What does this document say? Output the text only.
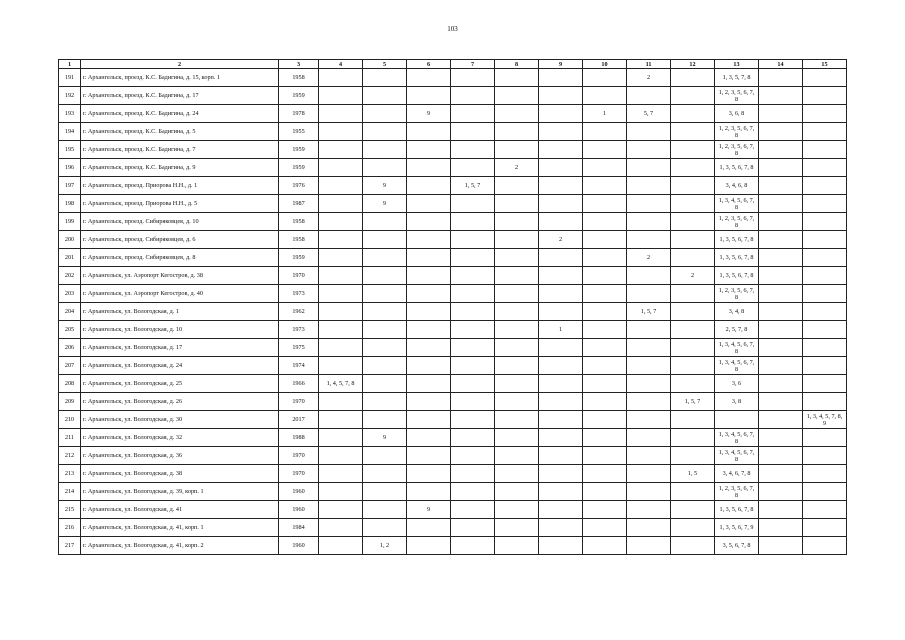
103
1	2	3	4	5	6	7	8	9	10	11	12	13	14	15
191	г. Архангельск, проезд. К.С. Бадигина, д. 15, корп. 1	1958								2		1, 3, 5, 7, 8		
192	г. Архангельск, проезд. К.С. Бадигина, д. 17	1959										1, 2, 3, 5, 6, 7, 8		
193	г. Архангельск, проезд. К.С. Бадигина, д. 24	1978			9				1	5, 7		3, 6, 8		
194	г. Архангельск, проезд. К.С. Бадигина, д. 5	1955										1, 2, 3, 5, 6, 7, 8		
195	г. Архангельск, проезд. К.С. Бадигина, д. 7	1959										1, 2, 3, 5, 6, 7, 8		
196	г. Архангельск, проезд. К.С. Бадигина, д. 9	1959					2					1, 3, 5, 6, 7, 8		
197	г. Архангельск, проезд. Приорова Н.Н., д. 1	1976		9		1, 5, 7						3, 4, 6, 8		
198	г. Архангельск, проезд. Приорова Н.Н., д. 5	1987		9								1, 3, 4, 5, 6, 7, 8		
199	г. Архангельск, проезд. Сибиряковцев, д. 10	1958										1, 2, 3, 5, 6, 7, 8		
200	г. Архангельск, проезд. Сибиряковцев, д. 6	1958						2				1, 3, 5, 6, 7, 8		
201	г. Архангельск, проезд. Сибиряковцев, д. 8	1959								2		1, 3, 5, 6, 7, 8		
202	г. Архангельск, ул. Аэропорт Кегостров, д. 38	1970									2	1, 3, 5, 6, 7, 8		
203	г. Архангельск, ул. Аэропорт Кегостров, д. 40	1973										1, 2, 3, 5, 6, 7, 8		
204	г. Архангельск, ул. Вологодская, д. 1	1962								1, 5, 7		3, 4, 8		
205	г. Архангельск, ул. Вологодская, д. 10	1973						1				2, 5, 7, 8		
206	г. Архангельск, ул. Вологодская, д. 17	1975										1, 3, 4, 5, 6, 7, 8		
207	г. Архангельск, ул. Вологодская, д. 24	1974										1, 3, 4, 5, 6, 7, 8		
208	г. Архангельск, ул. Вологодская, д. 25	1966	1, 4, 5, 7, 8									3, 6		
209	г. Архангельск, ул. Вологодская, д. 26	1970									1, 5, 7	3, 8		
210	г. Архангельск, ул. Вологодская, д. 30	2017												1, 3, 4, 5, 7, 8, 9
211	г. Архангельск, ул. Вологодская, д. 32	1988		9								1, 3, 4, 5, 6, 7, 8		
212	г. Архангельск, ул. Вологодская, д. 36	1970										1, 3, 4, 5, 6, 7, 8		
213	г. Архангельск, ул. Вологодская, д. 38	1970									1, 5	3, 4, 6, 7, 8		
214	г. Архангельск, ул. Вологодская, д. 39, корп. 1	1960										1, 2, 3, 5, 6, 7, 8		
215	г. Архангельск, ул. Вологодская, д. 41	1960			9							1, 3, 5, 6, 7, 8		
216	г. Архангельск, ул. Вологодская, д. 41, корп. 1	1984										1, 3, 5, 6, 7, 9		
217	г. Архангельск, ул. Вологодская, д. 41, корп. 2	1960		1, 2								3, 5, 6, 7, 8		
